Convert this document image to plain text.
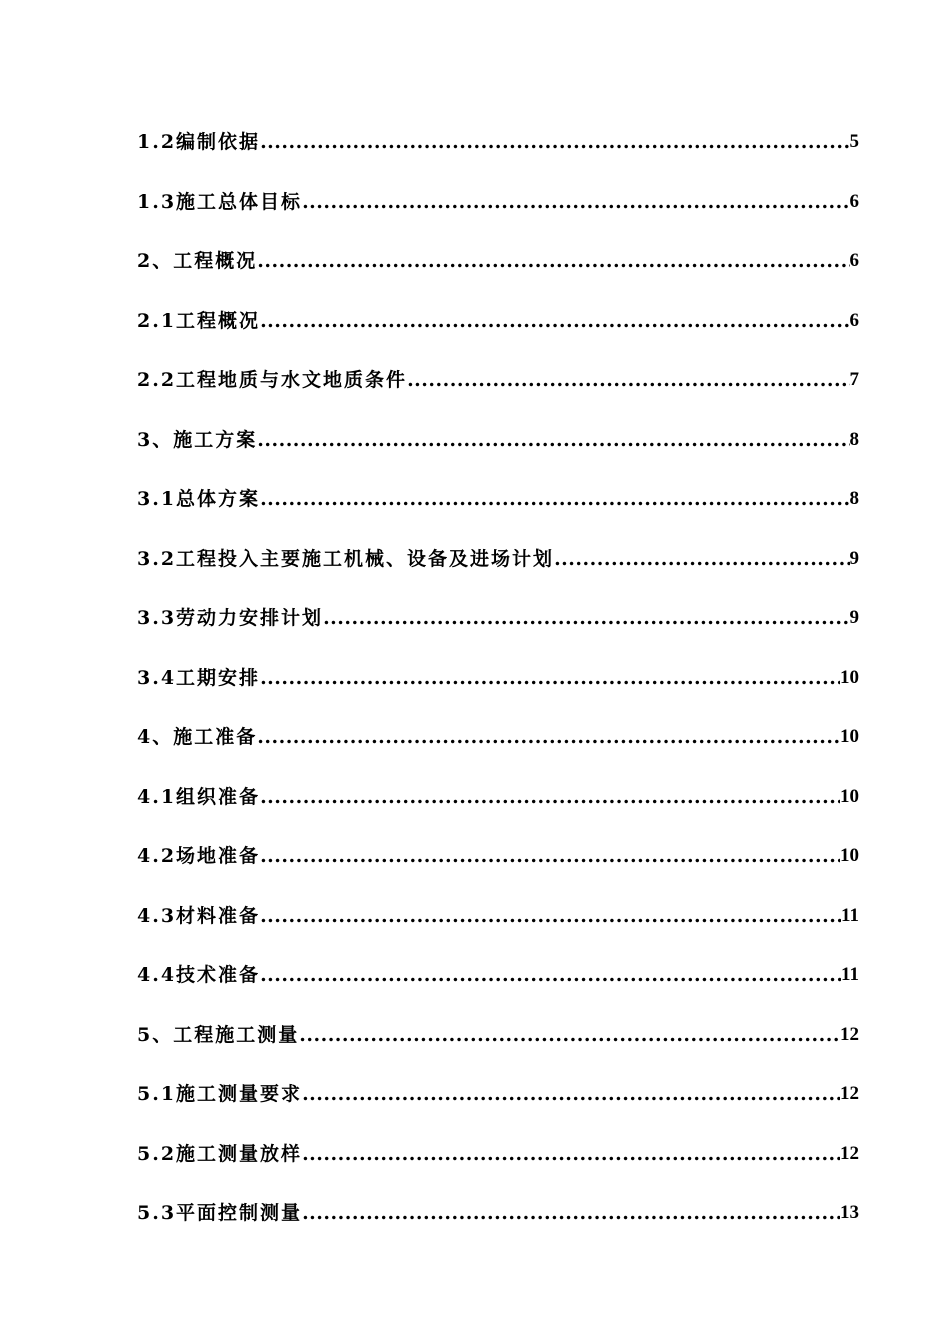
1.2编制依据 .....	5
1.3施工总体目标 .....	6
2、工程概况 .....	6
2.1工程概况 .....	6
2.2工程地质与水文地质条件 .....	7
3、施工方案 .....	8
3.1总体方案 .....	8
3.2工程投入主要施工机械、设备及进场计划 .....	9
3.3劳动力安排计划 .....	9
3.4工期安排 .....	10
4、施工准备 .....	10
4.1组织准备 .....	10
4.2场地准备 .....	10
4.3材料准备 .....	11
4.4技术准备 .....	11
5、工程施工测量 .....	12
5.1施工测量要求 .....	12
5.2施工测量放样 .....	12
5.3平面控制测量 .....	13
